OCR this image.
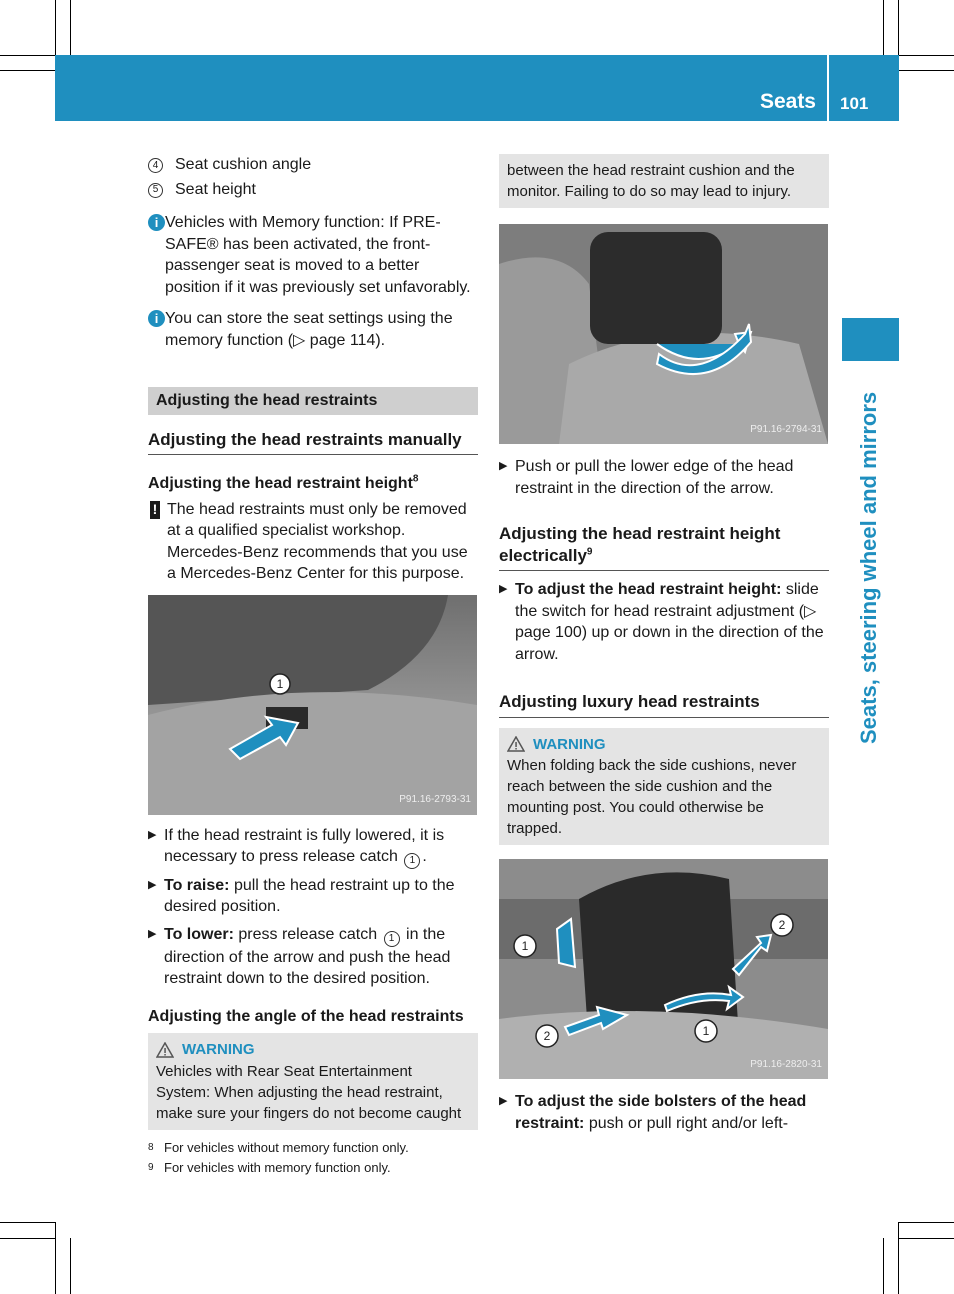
Seats 101
Seats, steering wheel and mirrors
4 Seat cushion angle
5 Seat height
i Vehicles with Memory function: If PRE-SAFE® has been activated, the front-passenger seat is moved to a better position if it was previously set unfavorably.

i You can store the seat settings using the memory function (▷ page 114).

Adjusting the head restraints
Adjusting the head restraints manually
Adjusting the head restraint height$^8$
! The head restraints must only be removed at a qualified specialist workshop. Mercedes-Benz recommends that you use a Mercedes-Benz Center for this purpose.

1
P91.16-2793-31
▶ If the head restraint is fully lowered, it is necessary to press release catch 1 .

▶ To raise: pull the head restraint up to the desired position.

▶ To lower: press release catch 1 in the direction of the arrow and push the head restraint down to the desired position.

Adjusting the angle of the head restraints
WARNING

Vehicles with Rear Seat Entertainment System: When adjusting the head restraint, make sure your fingers do not become caught

between the head restraint cushion and the monitor. Failing to do so may lead to injury.

P91.16-2794-31
▶ Push or pull the lower edge of the head restraint in the direction of the arrow.

Adjusting the head restraint height electrically$^9$
▶ To adjust the head restraint height: slide the switch for head restraint adjustment (▷ page 100) up or down in the direction of the arrow.

Adjusting luxury head restraints
WARNING

When folding back the side cushions, never reach between the side cushion and the mounting post. You could otherwise be trapped.

1
2
2	1
P91.16-2820-31
▶ To adjust the side bolsters of the head restraint: push or pull right and/or left-

8 For vehicles without memory function only.
9 For vehicles with memory function only.
